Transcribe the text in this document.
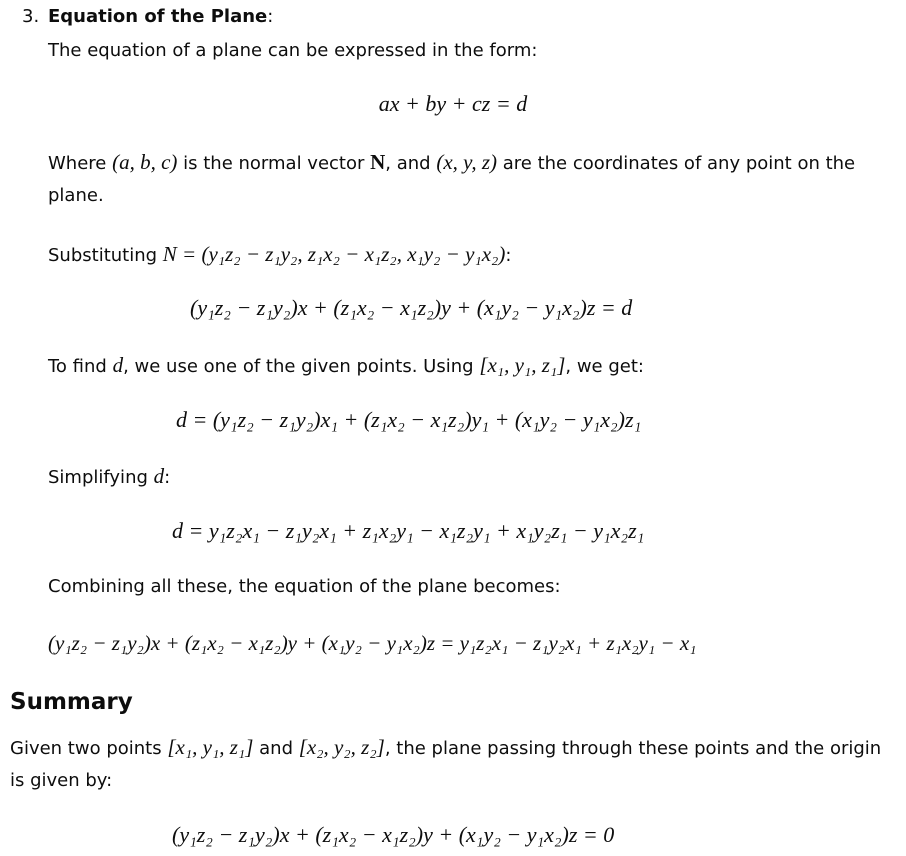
3. Equation of the Plane:
The equation of a plane can be expressed in the form:
ax + by + cz = d
Where (a, b, c) is the normal vector N, and (x, y, z) are the coordinates of any point on the
plane.
Substituting N = (y₁z₂ − z₁y₂, z₁x₂ − x₁z₂, x₁y₂ − y₁x₂):
(y₁z₂ − z₁y₂)x + (z₁x₂ − x₁z₂)y + (x₁y₂ − y₁x₂)z = d
To find d, we use one of the given points. Using [x₁, y₁, z₁], we get:
d = (y₁z₂ − z₁y₂)x₁ + (z₁x₂ − x₁z₂)y₁ + (x₁y₂ − y₁x₂)z₁
Simplifying d:
d = y₁z₂x₁ − z₁y₂x₁ + z₁x₂y₁ − x₁z₂y₁ + x₁y₂z₁ − y₁x₂z₁
Combining all these, the equation of the plane becomes:
(y₁z₂ − z₁y₂)x + (z₁x₂ − x₁z₂)y + (x₁y₂ − y₁x₂)z = y₁z₂x₁ − z₁y₂x₁ + z₁x₂y₁ − x₁
Summary
Given two points [x₁, y₁, z₁] and [x₂, y₂, z₂], the plane passing through these points and the origin
is given by:
(y₁z₂ − z₁y₂)x + (z₁x₂ − x₁z₂)y + (x₁y₂ − y₁x₂)z = 0
